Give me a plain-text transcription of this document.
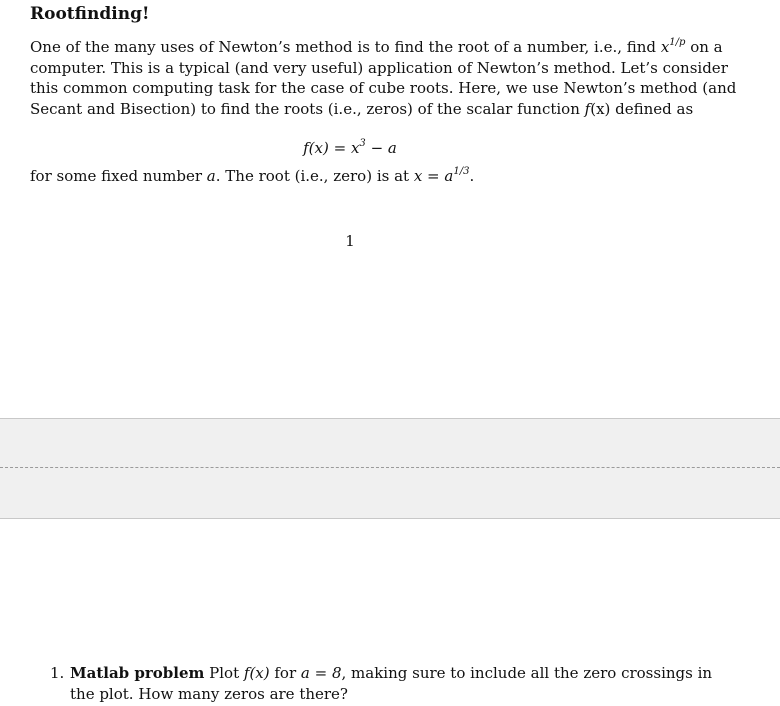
Rootfinding!

One of the many uses of Newton’s method is to find the root of a number, i.e., find $x^{1/p}$ on a computer. This is a typical (and very useful) application of Newton’s method. Let’s consider this common computing task for the case of cube roots. Here, we use Newton’s method (and Secant and Bisection) to find the roots (i.e., zeros) of the scalar function f(x) defined as

$f(x) = x^3 - a$

for some fixed number a. The root (i.e., zero) is at $x = a^{1/3}$.

1

1. Matlab problem Plot f(x) for a = 8, making sure to include all the zero crossings in
the plot. How many zeros are there?
